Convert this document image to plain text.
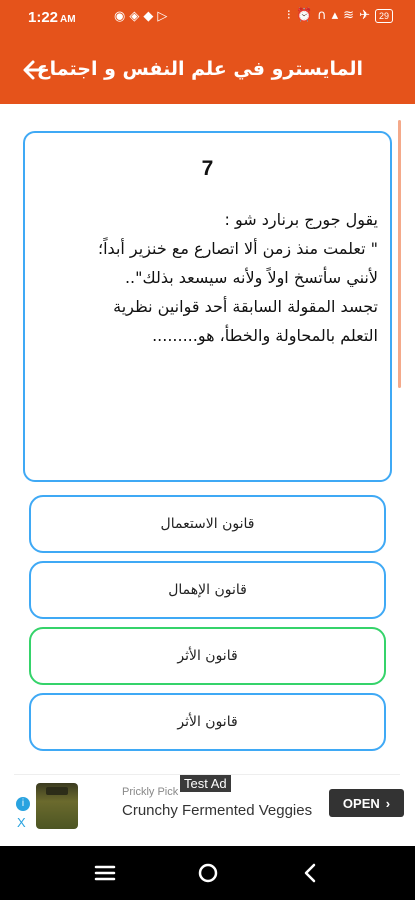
1:22 AM	◉ ◈ ◆ ▷	⁝ ⏰ ∩ ▴ ≋ ✈	29
المايسترو في علم النفس و اجتماع
7
يقول جورج برنارد شو :
" تعلمت منذ زمن ألا اتصارع مع خنزير أبداً؛
لأنني سأتسخ اولاً ولأنه سيسعد بذلك"..
تجسد المقولة السابقة أحد قوانين نظرية
التعلم بالمحاولة والخطأ، هو.........
قانون الاستعمال
قانون الإهمال
قانون الأثر
قانون الأثر
i
X
Prickly Pick
Crunchy Fermented Veggies
Test Ad
OPEN ›
